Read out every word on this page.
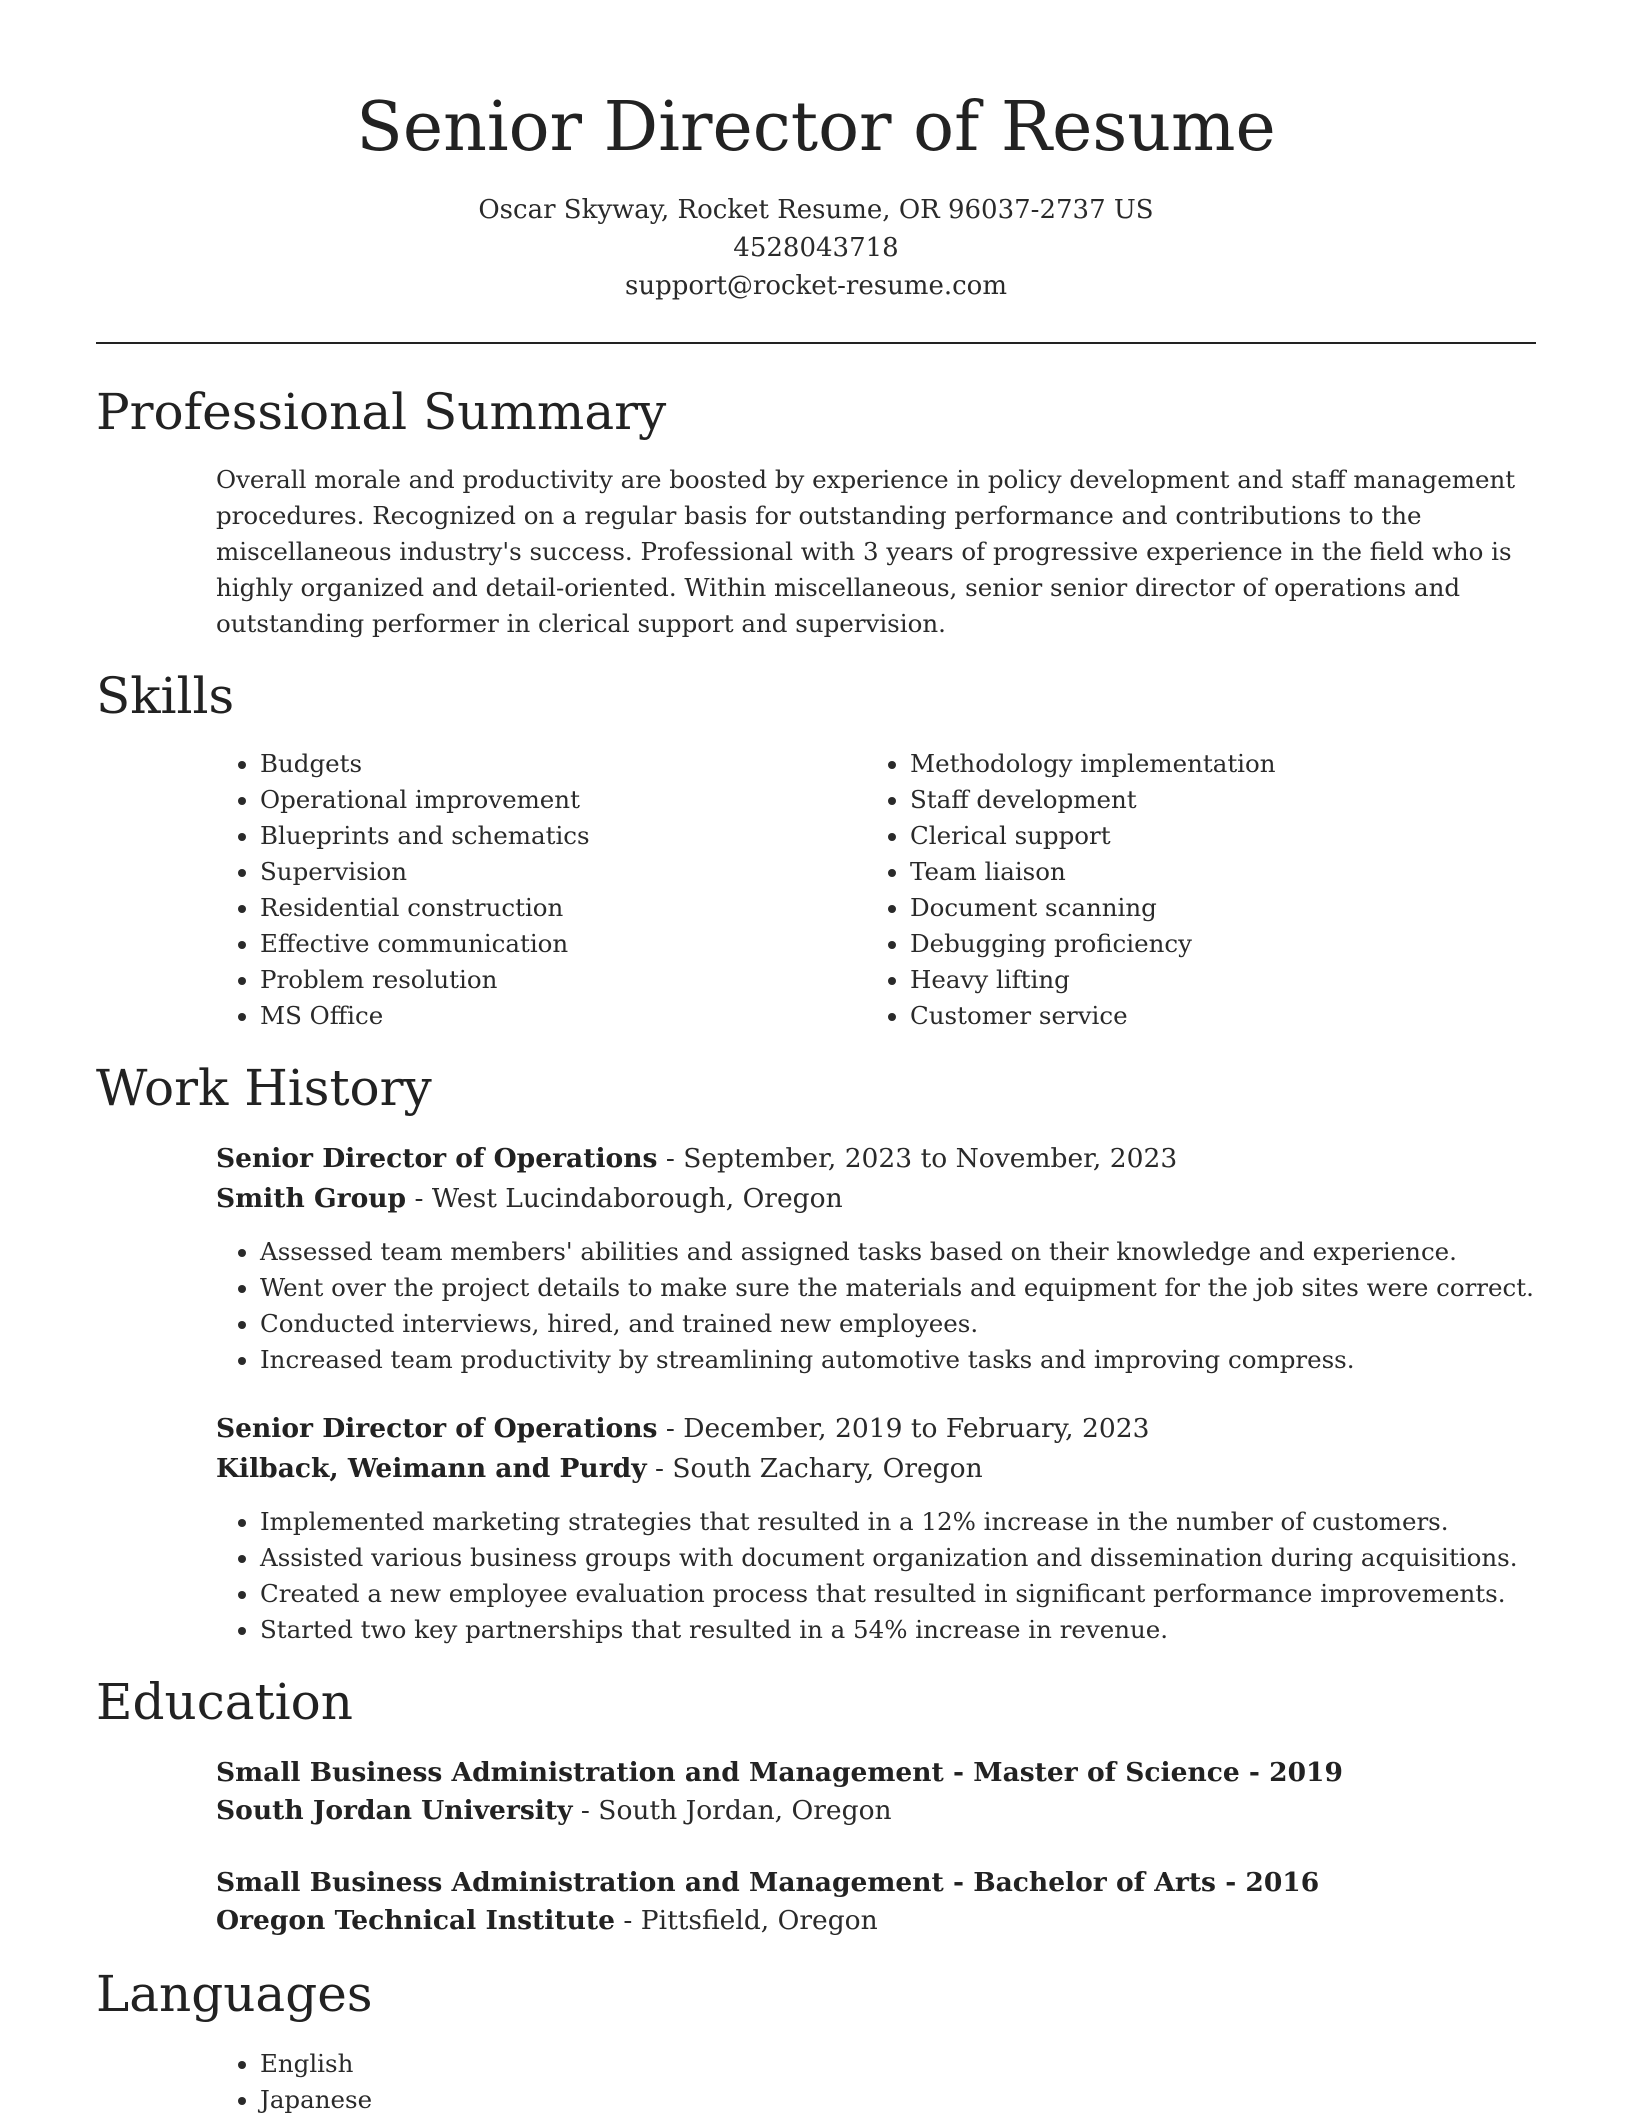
Senior Director of Resume
Oscar Skyway, Rocket Resume, OR 96037-2737 US
4528043718
support@rocket-resume.com
Professional Summary
Overall morale and productivity are boosted by experience in policy development and staff management procedures. Recognized on a regular basis for outstanding performance and contributions to the miscellaneous industry's success. Professional with 3 years of progressive experience in the field who is highly organized and detail-oriented. Within miscellaneous, senior senior director of operations and outstanding performer in clerical support and supervision.
Skills
• Budgets
• Operational improvement
• Blueprints and schematics
• Supervision
• Residential construction
• Effective communication
• Problem resolution
• MS Office
• Methodology implementation
• Staff development
• Clerical support
• Team liaison
• Document scanning
• Debugging proficiency
• Heavy lifting
• Customer service
Work History
Senior Director of Operations - September, 2023 to November, 2023
Smith Group - West Lucindaborough, Oregon
• Assessed team members' abilities and assigned tasks based on their knowledge and experience.
• Went over the project details to make sure the materials and equipment for the job sites were correct.
• Conducted interviews, hired, and trained new employees.
• Increased team productivity by streamlining automotive tasks and improving compress.
Senior Director of Operations - December, 2019 to February, 2023
Kilback, Weimann and Purdy - South Zachary, Oregon
• Implemented marketing strategies that resulted in a 12% increase in the number of customers.
• Assisted various business groups with document organization and dissemination during acquisitions.
• Created a new employee evaluation process that resulted in significant performance improvements.
• Started two key partnerships that resulted in a 54% increase in revenue.
Education
Small Business Administration and Management - Master of Science - 2019
South Jordan University - South Jordan, Oregon
Small Business Administration and Management - Bachelor of Arts - 2016
Oregon Technical Institute - Pittsfield, Oregon
Languages
• English
• Japanese
